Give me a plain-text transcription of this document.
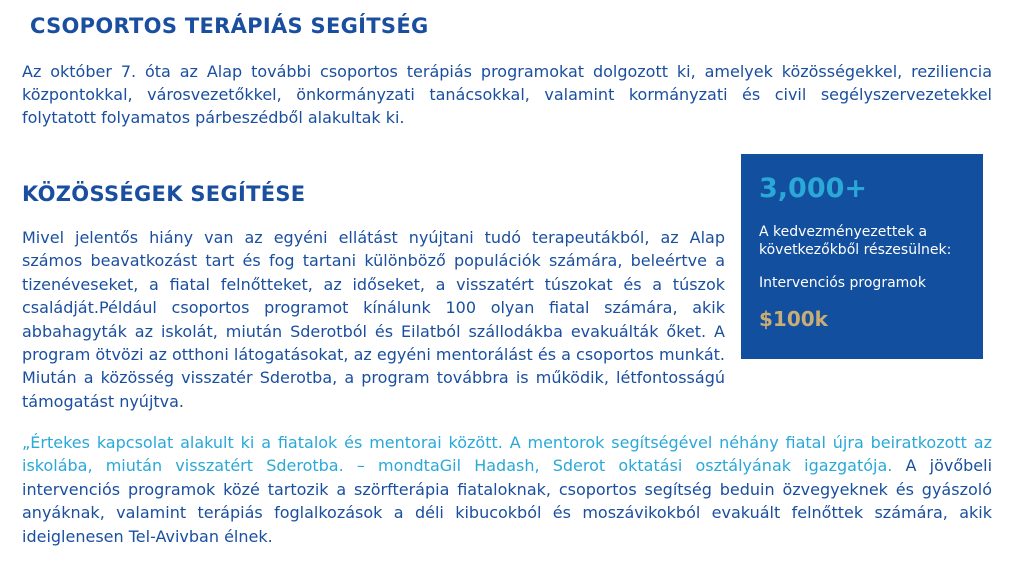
CSOPORTOS TERÁPIÁS SEGÍTSÉG

Az október 7. óta az Alap további csoportos terápiás programokat dolgozott ki, amelyek közösségekkel, reziliencia központokkal, városvezetőkkel, önkormányzati tanácsokkal, valamint kormányzati és civil segélyszervezetekkel folytatott folyamatos párbeszédből alakultak ki.

KÖZÖSSÉGEK SEGÍTÉSE

Mivel jelentős hiány van az egyéni ellátást nyújtani tudó terapeutákból, az Alap számos beavatkozást tart és fog tartani különböző populációk számára, beleértve a tizenéveseket, a fiatal felnőtteket, az időseket, a visszatért túszokat és a túszok családját.Például csoportos programot kínálunk 100 olyan fiatal számára, akik abbahagyták az iskolát, miután Sderotból és Eilatból szállodákba evakuálták őket. A program ötvözi az otthoni látogatásokat, az egyéni mentorálást és a csoportos munkát. Miután a közösség visszatér Sderotba, a program továbbra is működik, létfontosságú támogatást nyújtva.

„Értekes kapcsolat alakult ki a fiatalok és mentorai között. A mentorok segítségével néhány fiatal újra beiratkozott az iskolába, miután visszatért Sderotba. – mondtaGil Hadash, Sderot oktatási osztályának igazgatója. A jövőbeli intervenciós programok közé tartozik a szörfterápia fiataloknak, csoportos segítség beduin özvegyeknek és gyászoló anyáknak, valamint terápiás foglalkozások a déli kibucokból és moszávikokból evakuált felnőttek számára, akik ideiglenesen Tel-Avivban élnek.

3,000+
A kedvezményezettek a következőkből részesülnek:
Intervenciós programok
$100k
